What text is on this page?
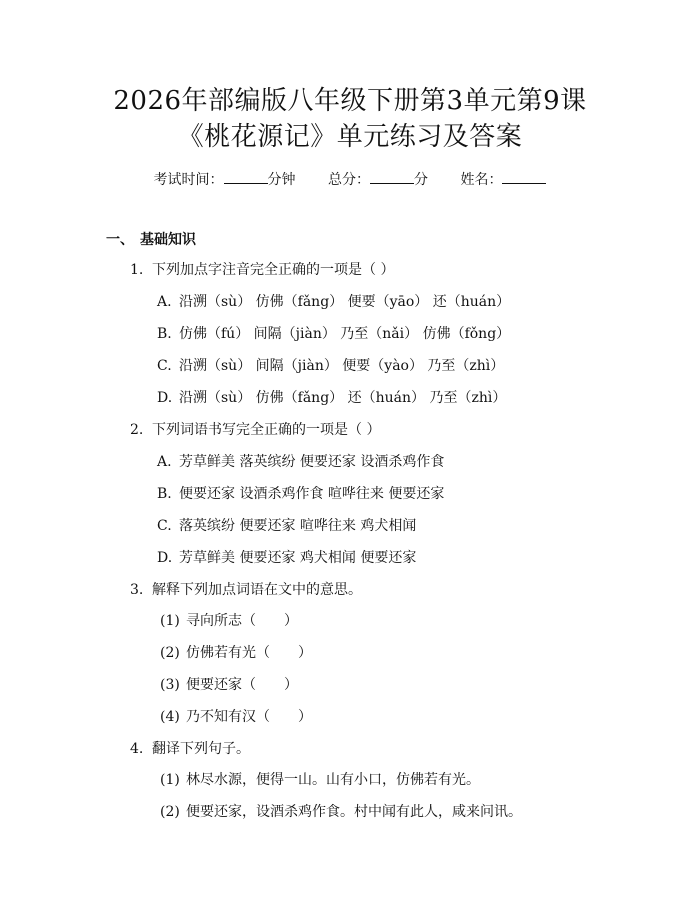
2026年部编版八年级下册第3单元第9课
《桃花源记》单元练习及答案
考试时间：	分钟 总分：	分 姓名：
一、 基础知识
1. 下列加点字注音完全正确的一项是（ ）
A. 沿溯（sù） 仿佛（fǎng） 便要（yāo） 还（huán）
B. 仿佛（fú） 间隔（jiàn） 乃至（nǎi） 仿佛（fǒng）
C. 沿溯（sù） 间隔（jiàn） 便要（yào） 乃至（zhì）
D. 沿溯（sù） 仿佛（fǎng） 还（huán） 乃至（zhì）
2. 下列词语书写完全正确的一项是（ ）
A. 芳草鲜美 落英缤纷 便要还家 设酒杀鸡作食
B. 便要还家 设酒杀鸡作食 喧哗往来 便要还家
C. 落英缤纷 便要还家 喧哗往来 鸡犬相闻
D. 芳草鲜美 便要还家 鸡犬相闻 便要还家
3. 解释下列加点词语在文中的意思。
(1) 寻向所志（　　）
(2) 仿佛若有光（　　）
(3) 便要还家（　　）
(4) 乃不知有汉（　　）
4. 翻译下列句子。
(1) 林尽水源，便得一山。山有小口，仿佛若有光。
(2) 便要还家，设酒杀鸡作食。村中闻有此人，咸来问讯。
